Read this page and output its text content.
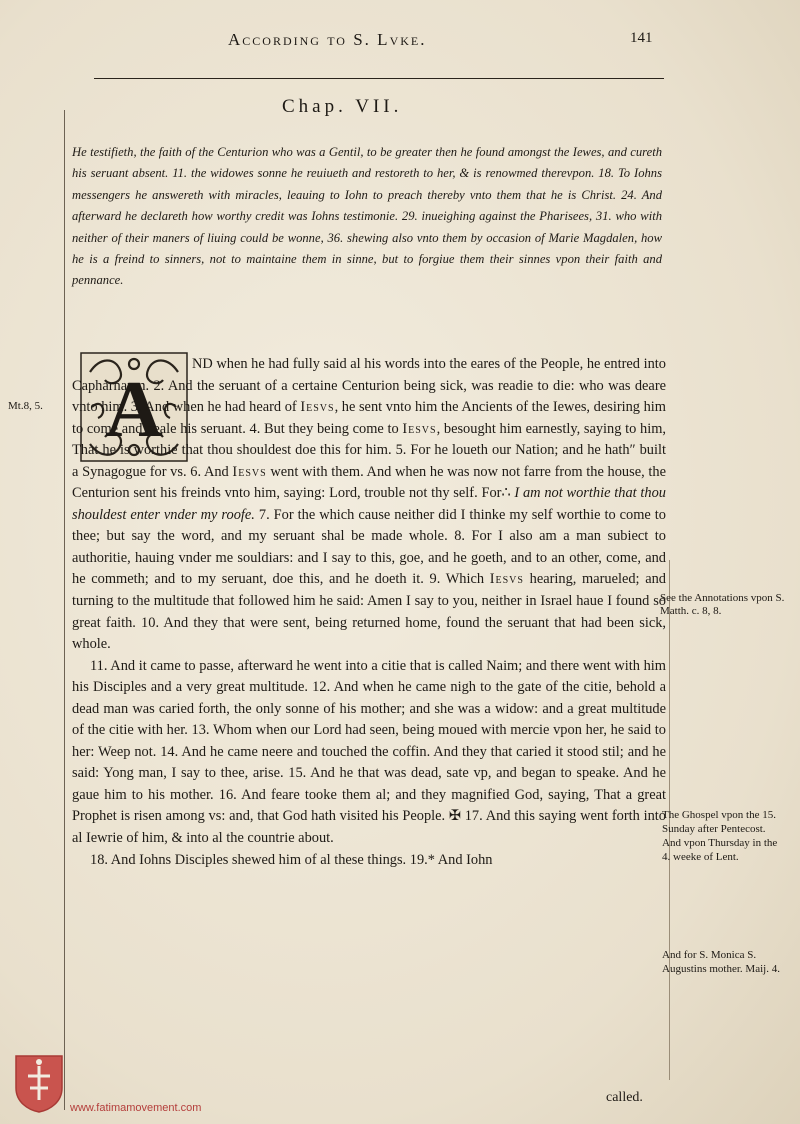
According to S. Lvke.	141
Chap. VII.
He testifieth, the faith of the Centurion who was a Gentil, to be greater then he found amongst the Iewes, and cureth his seruant absent. 11. the widowes sonne he reuiueth and restoreth to her, & is renowmed therevpon. 18. To Iohns messengers he answereth with miracles, leauing to Iohn to preach thereby vnto them that he is Christ. 24. And afterward he declareth how worthy credit was Iohns testimonie. 29. inueighing against the Pharisees, 31. who with neither of their maners of liuing could be wonne, 36. shewing also vnto them by occasion of Marie Magdalen, how he is a freind to sinners, not to maintaine them in sinne, but to forgiue them their sinnes vpon their faith and pennance.
A

ND when he had fully said al his words into the eares of the People, he entred into Capharnaum. 2. And the seruant of a certaine Centurion being sick, was readie to die: who was deare vnto him. 3. And when he had heard of Iesvs, he sent vnto him the Ancients of the Iewes, desiring him to come and heale his seruant. 4. But they being come to Iesvs, besought him earnestly, saying to him, That he is worthie that thou shouldest doe this for him. 5. For he loueth our Nation; and he hath″ built a Synagogue for vs. 6. And Iesvs went with them. And when he was now not farre from the house, the Centurion sent his freinds vnto him, saying: Lord, trouble not thy self. For∴ I am not worthie that thou shouldest enter vnder my roofe. 7. For the which cause neither did I thinke my self worthie to come to thee; but say the word, and my seruant shal be made whole. 8. For I also am a man subiect to authoritie, hauing vnder me souldiars: and I say to this, goe, and he goeth, and to an other, come, and he commeth; and to my seruant, doe this, and he doeth it. 9. Which Iesvs hearing, marueled; and turning to the multitude that followed him he said: Amen I say to you, neither in Israel haue I found so great faith. 10. And they that were sent, being returned home, found the seruant that had been sick, whole.

11. And it came to passe, afterward he went into a citie that is called Naim; and there went with him his Disciples and a very great multitude. 12. And when he came nigh to the gate of the citie, behold a dead man was caried forth, the only sonne of his mother; and she was a widow: and a great multitude of the citie with her. 13. Whom when our Lord had seen, being moued with mercie vpon her, he said to her: Weep not. 14. And he came neere and touched the coffin. And they that caried it stood stil; and he said: Yong man, I say to thee, arise. 15. And he that was dead, sate vp, and began to speake. And he gaue him to his mother. 16. And feare tooke them al; and they magnified God, saying, That a great Prophet is risen among vs: and, that God hath visited his People. ✠ 17. And this saying went forth into al Iewrie of him, & into al the countrie about.

18. And Iohns Disciples shewed him of al these things. 19.* And Iohn

Mt.8, 5.
See the Annotations vpon S. Matth. c. 8, 8.
The Ghospel vpon the 15. Sunday after Pentecost. And vpon Thursday in the 4. weeke of Lent.
And for S. Monica S. Augustins mother. Maij. 4.
called.
www.fatimamovement.com
